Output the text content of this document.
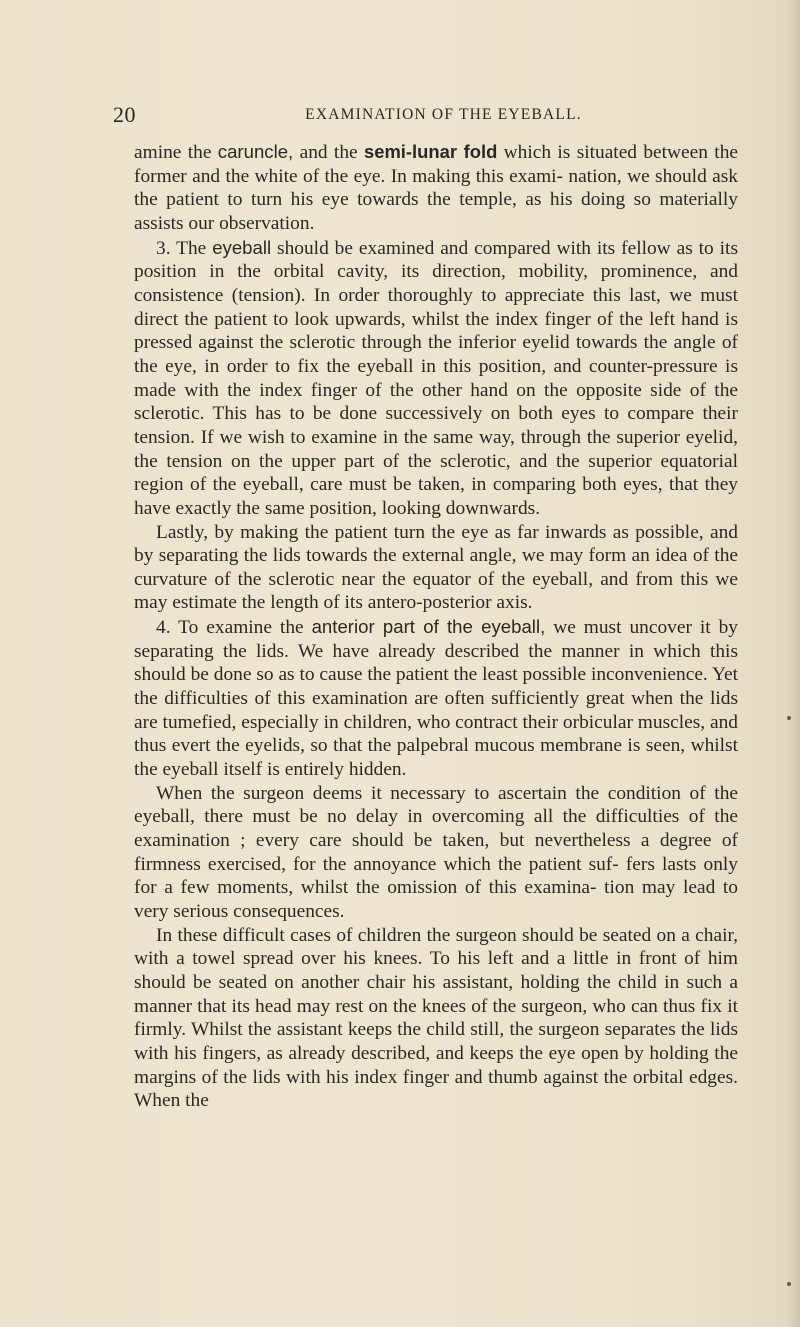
20	EXAMINATION OF THE EYEBALL.

amine the caruncle, and the semi-lunar fold which is situated between the former and the white of the eye. In making this exami- nation, we should ask the patient to turn his eye towards the temple, as his doing so materially assists our observation.

3. The eyeball should be examined and compared with its fellow as to its position in the orbital cavity, its direction, mobility, prominence, and consistence (tension). In order thoroughly to appreciate this last, we must direct the patient to look upwards, whilst the index finger of the left hand is pressed against the sclerotic through the inferior eyelid towards the angle of the eye, in order to fix the eyeball in this position, and counter-pressure is made with the index finger of the other hand on the opposite side of the sclerotic. This has to be done successively on both eyes to compare their tension. If we wish to examine in the same way, through the superior eyelid, the tension on the upper part of the sclerotic, and the superior equatorial region of the eyeball, care must be taken, in comparing both eyes, that they have exactly the same position, looking downwards.

Lastly, by making the patient turn the eye as far inwards as possible, and by separating the lids towards the external angle, we may form an idea of the curvature of the sclerotic near the equator of the eyeball, and from this we may estimate the length of its antero-posterior axis.

4. To examine the anterior part of the eyeball, we must uncover it by separating the lids. We have already described the manner in which this should be done so as to cause the patient the least possible inconvenience. Yet the difficulties of this examination are often sufficiently great when the lids are tumefied, especially in children, who contract their orbicular muscles, and thus evert the eyelids, so that the palpebral mucous membrane is seen, whilst the eyeball itself is entirely hidden.

When the surgeon deems it necessary to ascertain the condition of the eyeball, there must be no delay in overcoming all the difficulties of the examination ; every care should be taken, but nevertheless a degree of firmness exercised, for the annoyance which the patient suf- fers lasts only for a few moments, whilst the omission of this examina- tion may lead to very serious consequences.

In these difficult cases of children the surgeon should be seated on a chair, with a towel spread over his knees. To his left and a little in front of him should be seated on another chair his assistant, holding the child in such a manner that its head may rest on the knees of the surgeon, who can thus fix it firmly. Whilst the assistant keeps the child still, the surgeon separates the lids with his fingers, as already described, and keeps the eye open by holding the margins of the lids with his index finger and thumb against the orbital edges. When the
